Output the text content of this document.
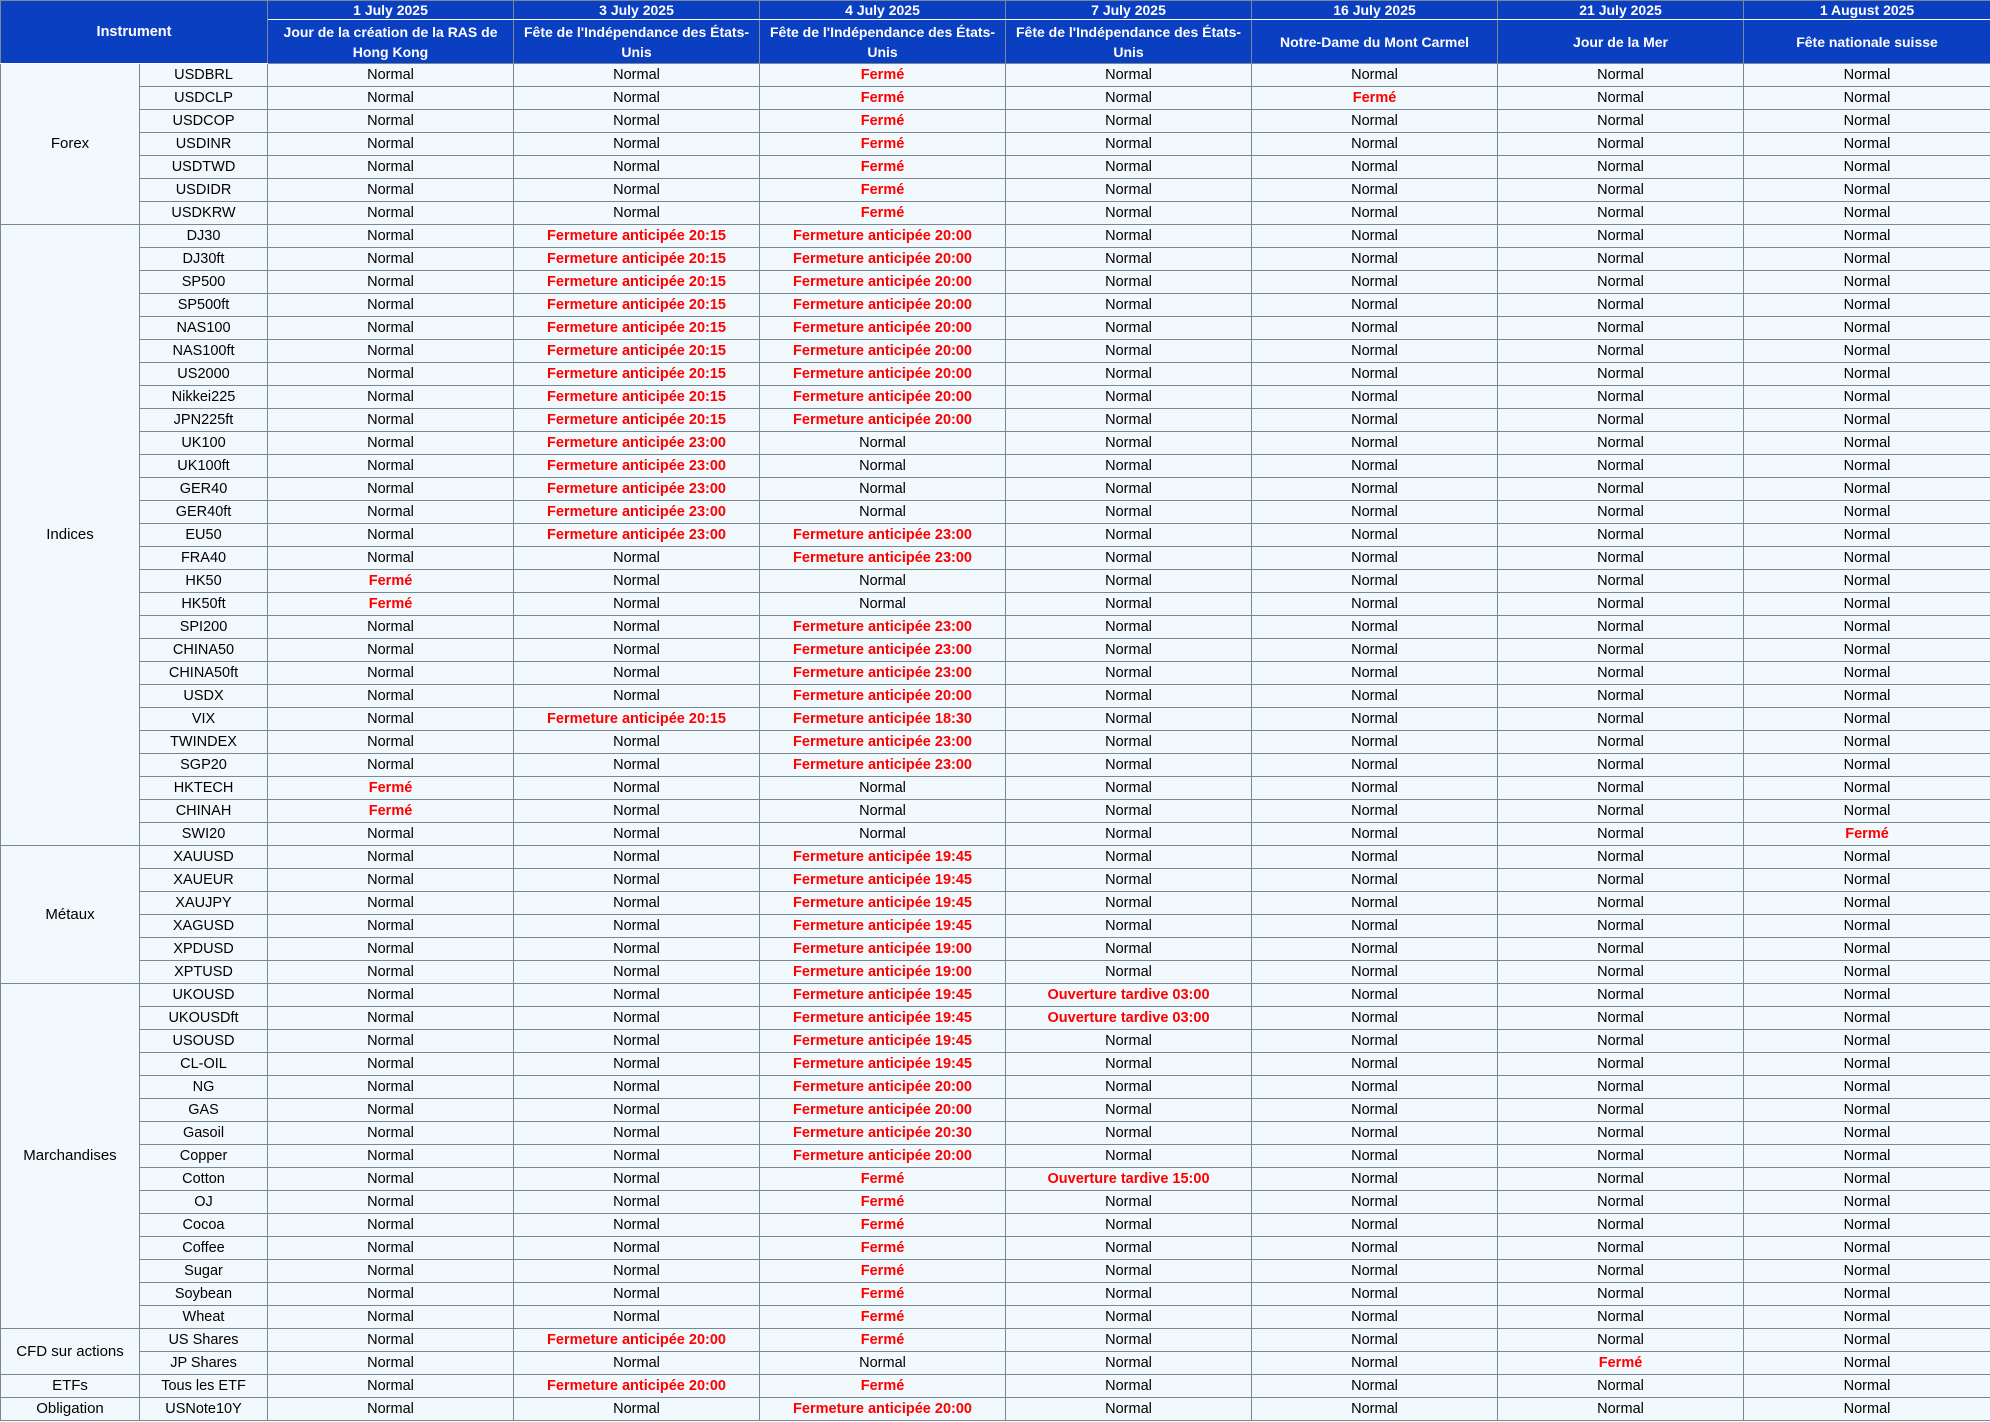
Instrument		1 July 2025	3 July 2025	4 July 2025	7 July 2025	16 July 2025	21 July 2025	1 August 2025
		Jour de la création de la RAS de Hong Kong	Fête de l'Indépendance des États-Unis	Fête de l'Indépendance des États-Unis	Fête de l'Indépendance des États-Unis	Notre-Dame du Mont Carmel	Jour de la Mer	Fête nationale suisse
Forex	USDBRL	Normal	Normal	Fermé	Normal	Normal	Normal	Normal
	USDCLP	Normal	Normal	Fermé	Normal	Fermé	Normal	Normal
	USDCOP	Normal	Normal	Fermé	Normal	Normal	Normal	Normal
	USDINR	Normal	Normal	Fermé	Normal	Normal	Normal	Normal
	USDTWD	Normal	Normal	Fermé	Normal	Normal	Normal	Normal
	USDIDR	Normal	Normal	Fermé	Normal	Normal	Normal	Normal
	USDKRW	Normal	Normal	Fermé	Normal	Normal	Normal	Normal
Indices	DJ30	Normal	Fermeture anticipée 20:15	Fermeture anticipée 20:00	Normal	Normal	Normal	Normal
	DJ30ft	Normal	Fermeture anticipée 20:15	Fermeture anticipée 20:00	Normal	Normal	Normal	Normal
	SP500	Normal	Fermeture anticipée 20:15	Fermeture anticipée 20:00	Normal	Normal	Normal	Normal
	SP500ft	Normal	Fermeture anticipée 20:15	Fermeture anticipée 20:00	Normal	Normal	Normal	Normal
	NAS100	Normal	Fermeture anticipée 20:15	Fermeture anticipée 20:00	Normal	Normal	Normal	Normal
	NAS100ft	Normal	Fermeture anticipée 20:15	Fermeture anticipée 20:00	Normal	Normal	Normal	Normal
	US2000	Normal	Fermeture anticipée 20:15	Fermeture anticipée 20:00	Normal	Normal	Normal	Normal
	Nikkei225	Normal	Fermeture anticipée 20:15	Fermeture anticipée 20:00	Normal	Normal	Normal	Normal
	JPN225ft	Normal	Fermeture anticipée 20:15	Fermeture anticipée 20:00	Normal	Normal	Normal	Normal
	UK100	Normal	Fermeture anticipée 23:00	Normal	Normal	Normal	Normal	Normal
	UK100ft	Normal	Fermeture anticipée 23:00	Normal	Normal	Normal	Normal	Normal
	GER40	Normal	Fermeture anticipée 23:00	Normal	Normal	Normal	Normal	Normal
	GER40ft	Normal	Fermeture anticipée 23:00	Normal	Normal	Normal	Normal	Normal
	EU50	Normal	Fermeture anticipée 23:00	Fermeture anticipée 23:00	Normal	Normal	Normal	Normal
	FRA40	Normal	Normal	Fermeture anticipée 23:00	Normal	Normal	Normal	Normal
	HK50	Fermé	Normal	Normal	Normal	Normal	Normal	Normal
	HK50ft	Fermé	Normal	Normal	Normal	Normal	Normal	Normal
	SPI200	Normal	Normal	Fermeture anticipée 23:00	Normal	Normal	Normal	Normal
	CHINA50	Normal	Normal	Fermeture anticipée 23:00	Normal	Normal	Normal	Normal
	CHINA50ft	Normal	Normal	Fermeture anticipée 23:00	Normal	Normal	Normal	Normal
	USDX	Normal	Normal	Fermeture anticipée 20:00	Normal	Normal	Normal	Normal
	VIX	Normal	Fermeture anticipée 20:15	Fermeture anticipée 18:30	Normal	Normal	Normal	Normal
	TWINDEX	Normal	Normal	Fermeture anticipée 23:00	Normal	Normal	Normal	Normal
	SGP20	Normal	Normal	Fermeture anticipée 23:00	Normal	Normal	Normal	Normal
	HKTECH	Fermé	Normal	Normal	Normal	Normal	Normal	Normal
	CHINAH	Fermé	Normal	Normal	Normal	Normal	Normal	Normal
	SWI20	Normal	Normal	Normal	Normal	Normal	Normal	Fermé
Métaux	XAUUSD	Normal	Normal	Fermeture anticipée 19:45	Normal	Normal	Normal	Normal
	XAUEUR	Normal	Normal	Fermeture anticipée 19:45	Normal	Normal	Normal	Normal
	XAUJPY	Normal	Normal	Fermeture anticipée 19:45	Normal	Normal	Normal	Normal
	XAGUSD	Normal	Normal	Fermeture anticipée 19:45	Normal	Normal	Normal	Normal
	XPDUSD	Normal	Normal	Fermeture anticipée 19:00	Normal	Normal	Normal	Normal
	XPTUSD	Normal	Normal	Fermeture anticipée 19:00	Normal	Normal	Normal	Normal
Marchandises	UKOUSD	Normal	Normal	Fermeture anticipée 19:45	Ouverture tardive 03:00	Normal	Normal	Normal
	UKOUSDft	Normal	Normal	Fermeture anticipée 19:45	Ouverture tardive 03:00	Normal	Normal	Normal
	USOUSD	Normal	Normal	Fermeture anticipée 19:45	Normal	Normal	Normal	Normal
	CL-OIL	Normal	Normal	Fermeture anticipée 19:45	Normal	Normal	Normal	Normal
	NG	Normal	Normal	Fermeture anticipée 20:00	Normal	Normal	Normal	Normal
	GAS	Normal	Normal	Fermeture anticipée 20:00	Normal	Normal	Normal	Normal
	Gasoil	Normal	Normal	Fermeture anticipée 20:30	Normal	Normal	Normal	Normal
	Copper	Normal	Normal	Fermeture anticipée 20:00	Normal	Normal	Normal	Normal
	Cotton	Normal	Normal	Fermé	Ouverture tardive 15:00	Normal	Normal	Normal
	OJ	Normal	Normal	Fermé	Normal	Normal	Normal	Normal
	Cocoa	Normal	Normal	Fermé	Normal	Normal	Normal	Normal
	Coffee	Normal	Normal	Fermé	Normal	Normal	Normal	Normal
	Sugar	Normal	Normal	Fermé	Normal	Normal	Normal	Normal
	Soybean	Normal	Normal	Fermé	Normal	Normal	Normal	Normal
	Wheat	Normal	Normal	Fermé	Normal	Normal	Normal	Normal
CFD sur actions	US Shares	Normal	Fermeture anticipée 20:00	Fermé	Normal	Normal	Normal	Normal
	JP Shares	Normal	Normal	Normal	Normal	Normal	Fermé	Normal
ETFs	Tous les ETF	Normal	Fermeture anticipée 20:00	Fermé	Normal	Normal	Normal	Normal
Obligation	USNote10Y	Normal	Normal	Fermeture anticipée 20:00	Normal	Normal	Normal	Normal
